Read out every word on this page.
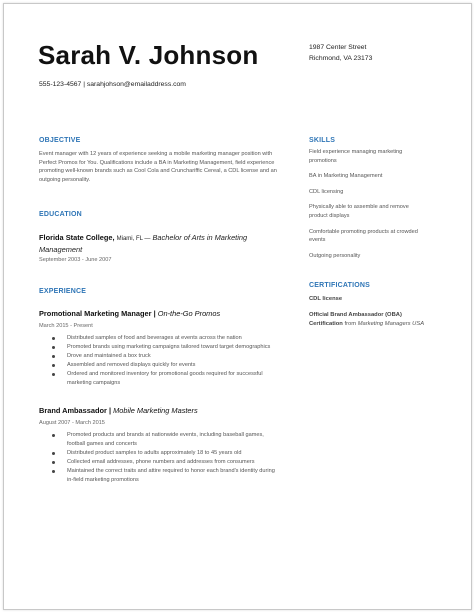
Sarah V. Johnson
555-123-4567 | sarahjohson@emailaddress.com
1987 Center Street
Richmond, VA 23173
OBJECTIVE
Event manager with 12 years of experience seeking a mobile marketing manager position with Perfect Promos for You. Qualifications include a BA in Marketing Management, field experience promoting well-known brands such as Cool Cola and Crunchariffic Cereal, a CDL license and an outgoing personality.
EDUCATION
Florida State College, Miami, FL — Bachelor of Arts in Marketing Management
September 2003 - June 2007
EXPERIENCE
Promotional Marketing Manager | On-the-Go Promos
March 2015 - Present
Distributed samples of food and beverages at events across the nation
Promoted brands using marketing campaigns tailored toward target demographics
Drove and maintained a box truck
Assembled and removed displays quickly for events
Ordered and monitored inventory for promotional goods required for successful marketing campaigns
Brand Ambassador | Mobile Marketing Masters
August 2007 - March 2015
Promoted products and brands at nationwide events, including baseball games, football games and concerts
Distributed product samples to adults approximately 18 to 45 years old
Collected email addresses, phone numbers and addresses from consumers
Maintained the correct traits and attire required to honor each brand's identity during in-field marketing promotions
SKILLS
Field experience managing marketing promotions
BA in Marketing Management
CDL licensing
Physically able to assemble and remove product displays
Comfortable promoting products at crowded events
Outgoing personality
CERTIFICATIONS
CDL license
Official Brand Ambassador (OBA) Certification from Marketing Managers USA
